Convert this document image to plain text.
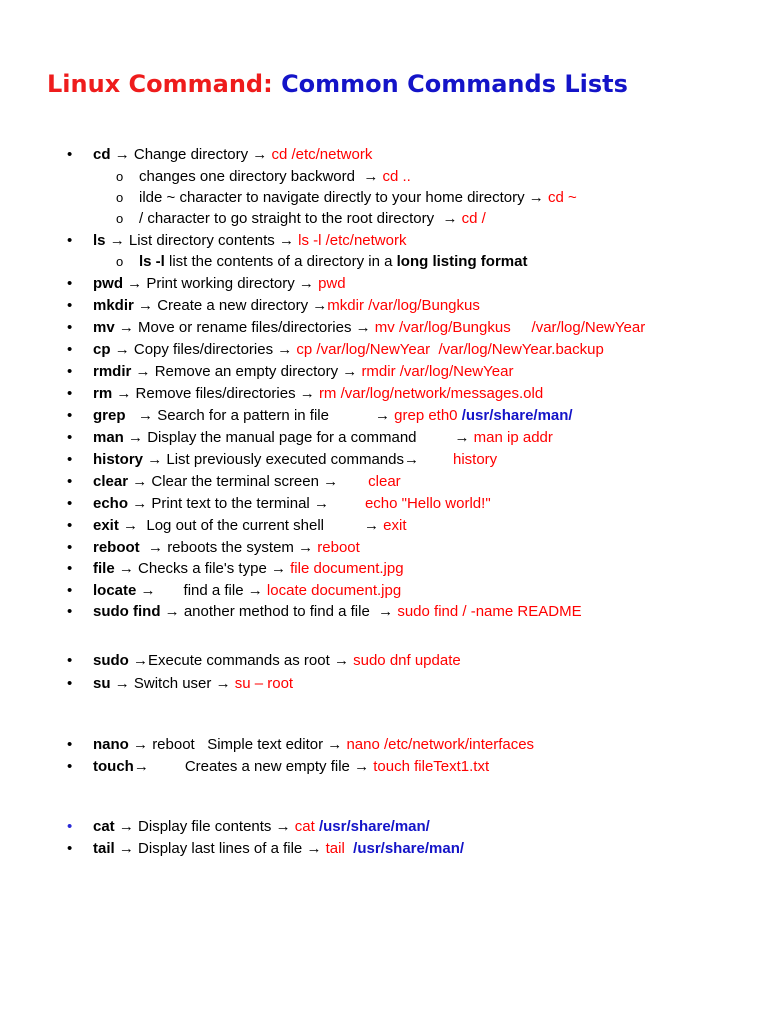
Linux Command: Common Commands Lists
• cd → Change directory → cd /etc/network
o changes one directory backword → cd ..
o ilde ~ character to navigate directly to your home directory → cd ~
o / character to go straight to the root directory → cd /
• ls → List directory contents → ls -l /etc/network
o ls -l list the contents of a directory in a long listing format
• pwd → Print working directory → pwd
• mkdir → Create a new directory →mkdir /var/log/Bungkus
• mv → Move or rename files/directories → mv /var/log/Bungkus     /var/log/NewYear
• cp → Copy files/directories → cp /var/log/NewYear  /var/log/NewYear.backup
• rmdir → Remove an empty directory → rmdir /var/log/NewYear
• rm → Remove files/directories → rm /var/log/network/messages.old
• grep → Search for a pattern in file	→ grep eth0 /usr/share/man/
• man → Display the manual page for a command	→ man ip addr
• history → List previously executed commands→ history
• clear → Clear the terminal screen → clear
• echo → Print text to the terminal → echo "Hello world!"
• exit → Log out of the current shell	→ exit
• reboot → reboots the system → reboot
• file → Checks a file's type → file document.jpg
• locate → find a file → locate document.jpg
• sudo find → another method to find a file → sudo find / -name README
• sudo →Execute commands as root → sudo dnf update
• su → Switch user → su – root
• nano → reboot   Simple text editor → nano /etc/network/interfaces
• touch→ Creates a new empty file → touch fileText1.txt
• cat → Display file contents → cat /usr/share/man/
• tail → Display last lines of a file → tail /usr/share/man/
